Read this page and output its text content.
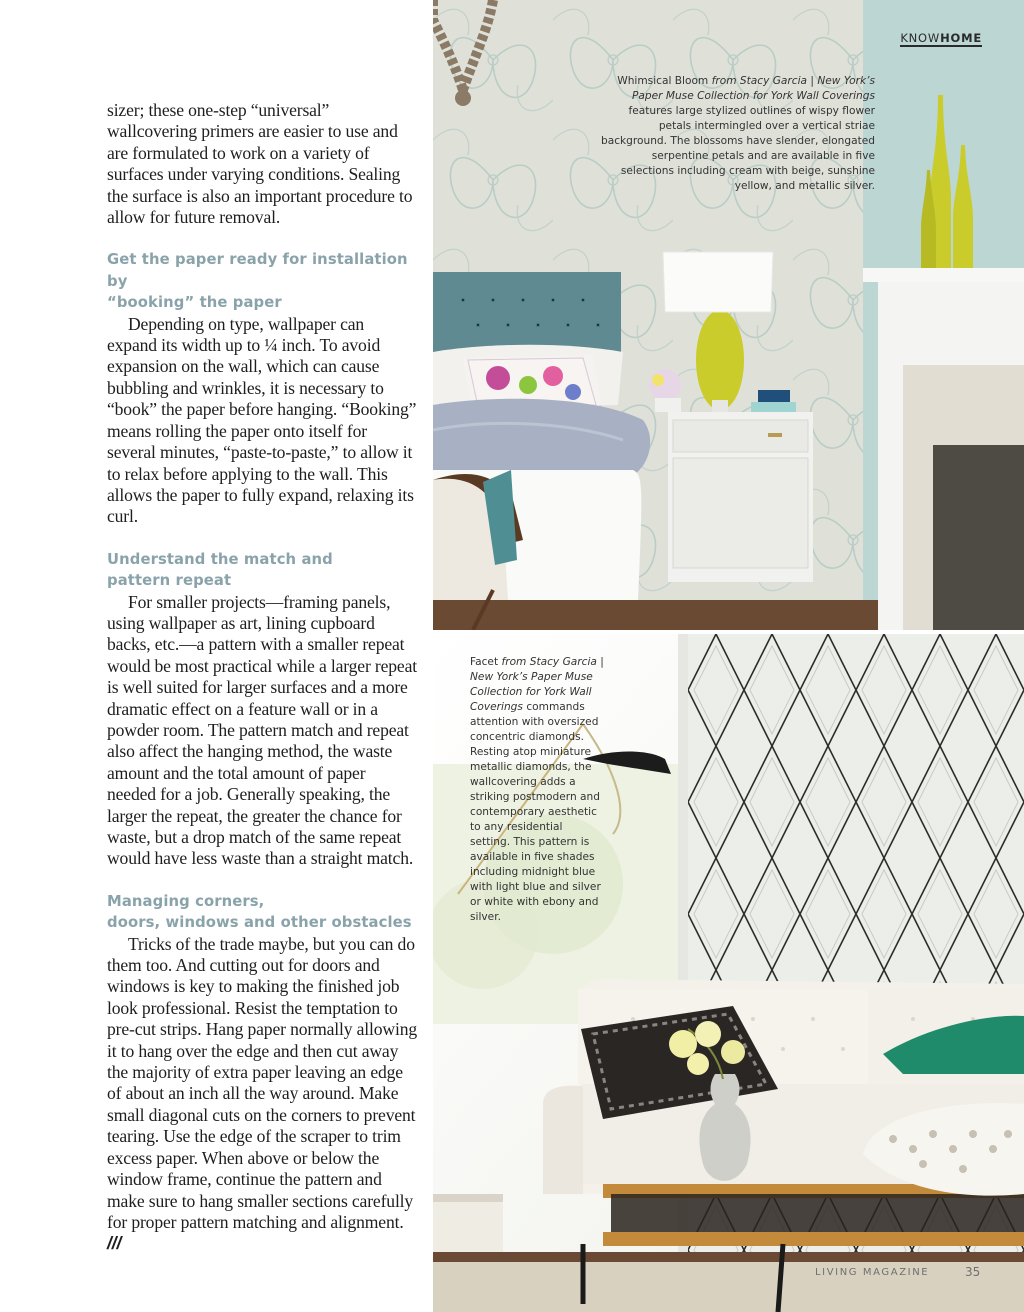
sizer; these one-step “universal” wallcovering primers are easier to use and are formulated to work on a variety of surfaces under varying conditions. Sealing the surface is also an important procedure to allow for future removal.

Get the paper ready for installation by
“booking” the paper

Depending on type, wallpaper can expand its width up to ¼ inch. To avoid expansion on the wall, which can cause bubbling and wrinkles, it is necessary to “book” the paper before hanging. “Booking” means rolling the paper onto itself for several minutes, “paste-to-paste,” to allow it to relax before applying to the wall. This allows the paper to fully expand, relaxing its curl.

Understand the match and
pattern repeat

For smaller projects—framing panels, using wallpaper as art, lining cupboard backs, etc.—a pattern with a smaller repeat would be most practical while a larger repeat is well suited for larger surfaces and a more dramatic effect on a feature wall or in a powder room. The pattern match and repeat also affect the hanging method, the waste amount and the total amount of paper needed for a job. Generally speaking, the larger the repeat, the greater the chance for waste, but a drop match of the same repeat would have less waste than a straight match.

Managing corners,
doors, windows and other obstacles

Tricks of the trade maybe, but you can do them too. And cutting out for doors and windows is key to making the finished job look professional. Resist the temptation to pre-cut strips. Hang paper normally allowing it to hang over the edge and then cut away the majority of extra paper leaving an edge of about an inch all the way around. Make small diagonal cuts on the corners to prevent tearing. Use the edge of the scraper to trim excess paper. When above or below the window frame, continue the pattern and make sure to hang smaller sections carefully for proper pattern matching and alignment. ///

KNOWHOME
Whimsical Bloom from Stacy Garcia | New York’s Paper Muse Collection for York Wall Coverings features large stylized outlines of wispy flower petals intermingled over a vertical striae background. The blossoms have slender, elongated serpentine petals and are available in five selections including cream with beige, sunshine yellow, and metallic silver.
Facet from Stacy Garcia | New York’s Paper Muse Collection for York Wall Coverings commands attention with oversized concentric diamonds. Resting atop miniature metallic diamonds, the wallcovering adds a striking postmodern and contemporary aesthetic to any residential setting. This pattern is available in five shades including midnight blue with light blue and silver or white with ebony and silver.
LIVING MAGAZINE	35
